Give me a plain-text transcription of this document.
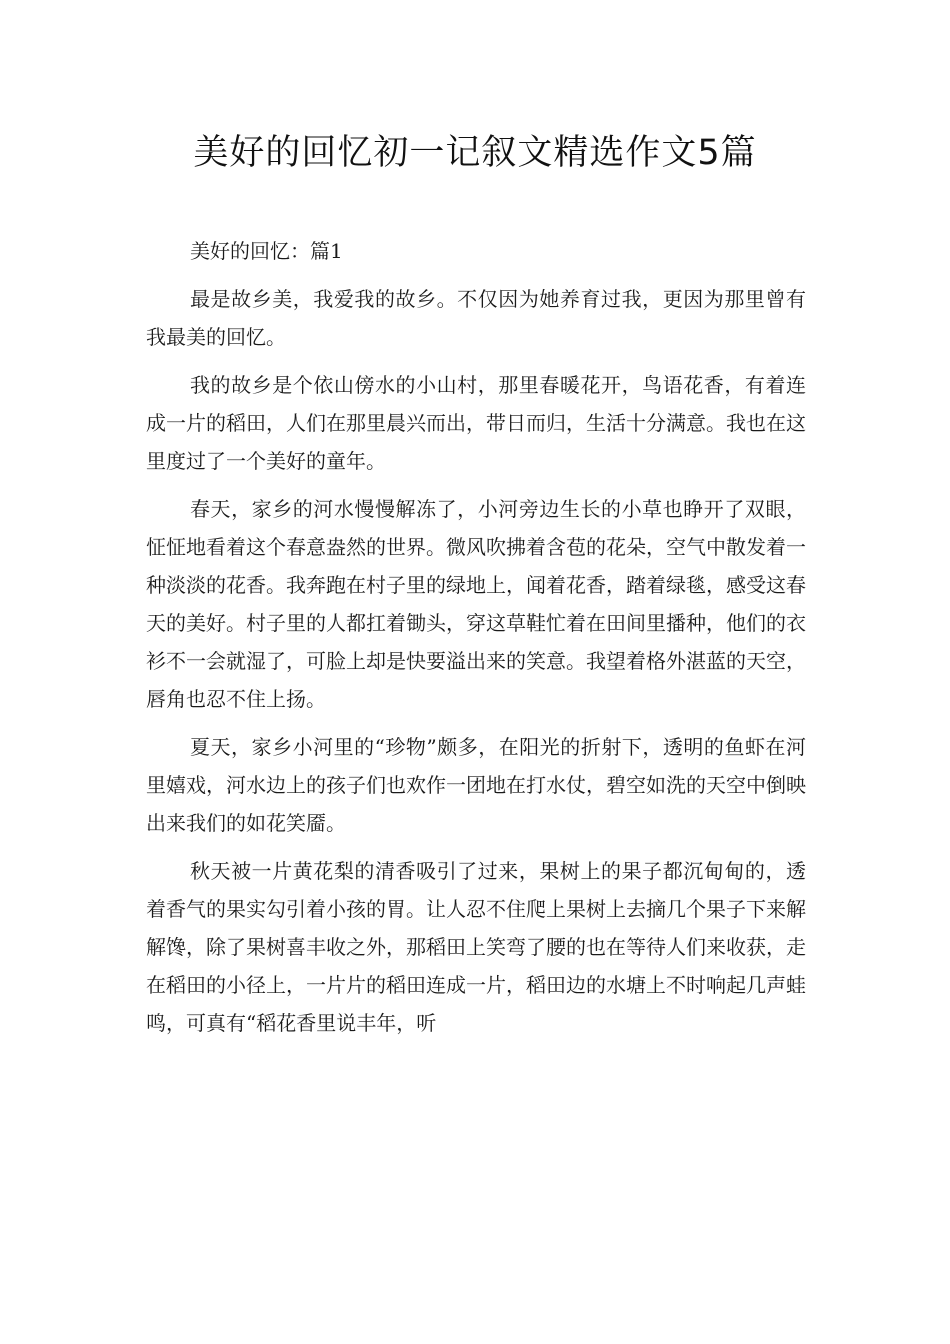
美好的回忆初一记叙文精选作文5篇

美好的回忆：篇1

最是故乡美，我爱我的故乡。不仅因为她养育过我，更因为那里曾有我最美的回忆。

我的故乡是个依山傍水的小山村，那里春暖花开，鸟语花香，有着连成一片的稻田，人们在那里晨兴而出，带日而归，生活十分满意。我也在这里度过了一个美好的童年。

春天，家乡的河水慢慢解冻了，小河旁边生长的小草也睁开了双眼，怔怔地看着这个春意盎然的世界。微风吹拂着含苞的花朵，空气中散发着一种淡淡的花香。我奔跑在村子里的绿地上，闻着花香，踏着绿毯，感受这春天的美好。村子里的人都扛着锄头，穿这草鞋忙着在田间里播种，他们的衣衫不一会就湿了，可脸上却是快要溢出来的笑意。我望着格外湛蓝的天空，唇角也忍不住上扬。

夏天，家乡小河里的“珍物”颇多，在阳光的折射下，透明的鱼虾在河里嬉戏，河水边上的孩子们也欢作一团地在打水仗，碧空如洗的天空中倒映出来我们的如花笑靥。

秋天被一片黄花梨的清香吸引了过来，果树上的果子都沉甸甸的，透着香气的果实勾引着小孩的胃。让人忍不住爬上果树上去摘几个果子下来解解馋，除了果树喜丰收之外，那稻田上笑弯了腰的也在等待人们来收获，走在稻田的小径上，一片片的稻田连成一片，稻田边的水塘上不时响起几声蛙鸣，可真有“稻花香里说丰年，听
